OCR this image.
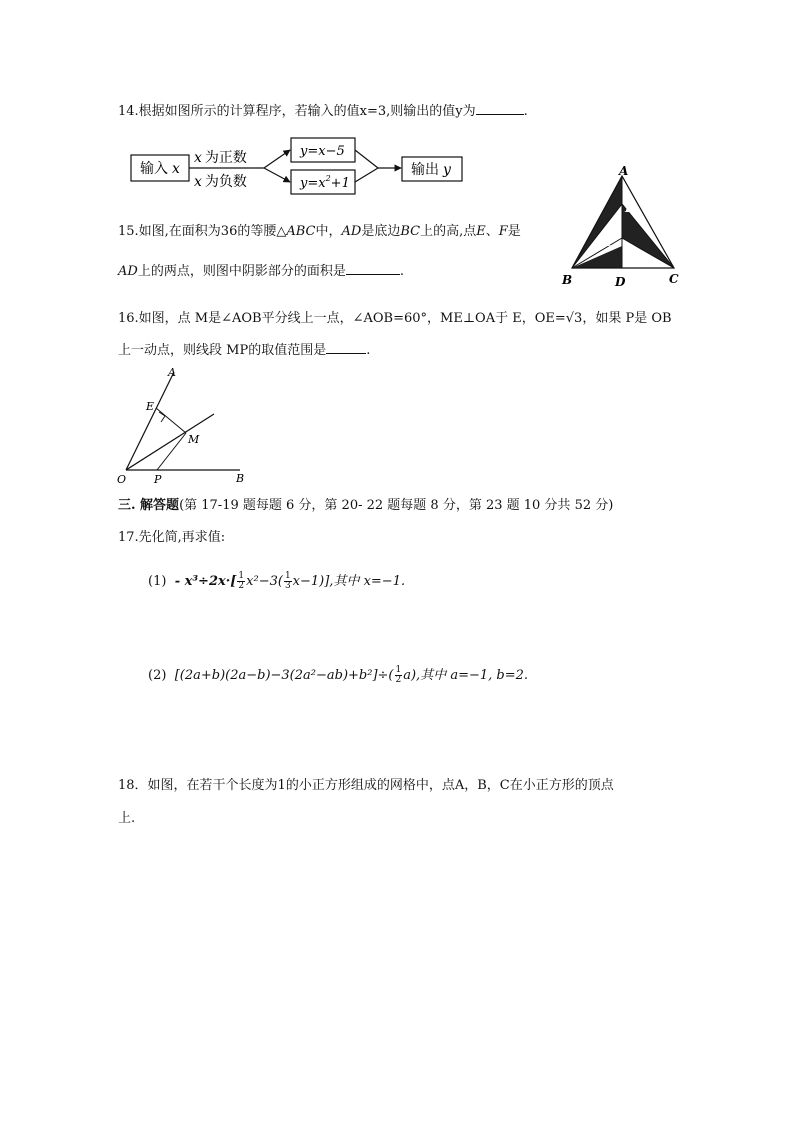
14.根据如图所示的计算程序，若输入的值x=3,则输出的值y为	.
输入 x
x 为正数
x 为负数
y=x−5
$y=x^2+1$
输出 y
15.如图,在面积为36的等腰△ABC中，AD是底边BC上的高,点E、F是
AD上的两点，则图中阴影部分的面积是	.
A
E
F
B	D	C
16.如图，点 M是∠AOB平分线上一点，∠AOB=60°，ME⊥OA于 E，OE=√3，如果 P是 OB
上一动点，则线段 MP的取值范围是	.
A
E
M
O	P	B
三. 解答题(第 17-19 题每题 6 分，第 20- 22 题每题 8 分，第 23 题 10 分共 52 分)
17.先化简,再求值:
$(1) - x^3\div 2x\cdot[ \frac{1}{2} x^2-3( \frac{1}{3} x-1)]$,其中 x=−1.
(2) $[(2a+b)(2a-b)-3(2a^2-ab)+b^2]\div( \frac{1}{2} a)$,其中 a=−1, b=2.
18．如图，在若干个长度为1的小正方形组成的网格中，点A，B，C在小正方形的顶点
上.
